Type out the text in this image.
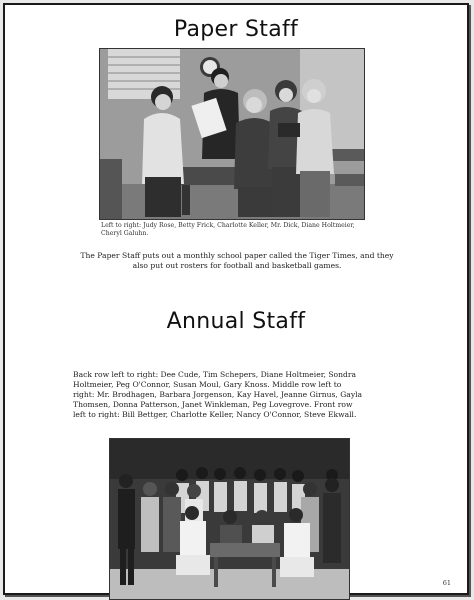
Paper Staff
Left to right: Judy Rose, Betty Frick, Charlotte Keller, Mr. Dick, Diane Holtmeier, Cheryl Galuhn.
The Paper Staff puts out a monthly school paper called the Tiger Times, and they also put out rosters for football and basketball games.
Annual Staff
Back row left to right: Dee Cude, Tim Schepers, Diane Holtmeier, Sondra Holtmeier, Peg O'Connor, Susan Moul, Gary Knoss. Middle row left to right: Mr. Brodhagen, Barbara Jorgenson, Kay Havel, Jeanne Girnus, Gayla Thomsen, Donna Patterson, Janet Winkleman, Peg Lovegrove. Front row left to right: Bill Bettger, Charlotte Keller, Nancy O'Connor, Steve Ekwall.
61
